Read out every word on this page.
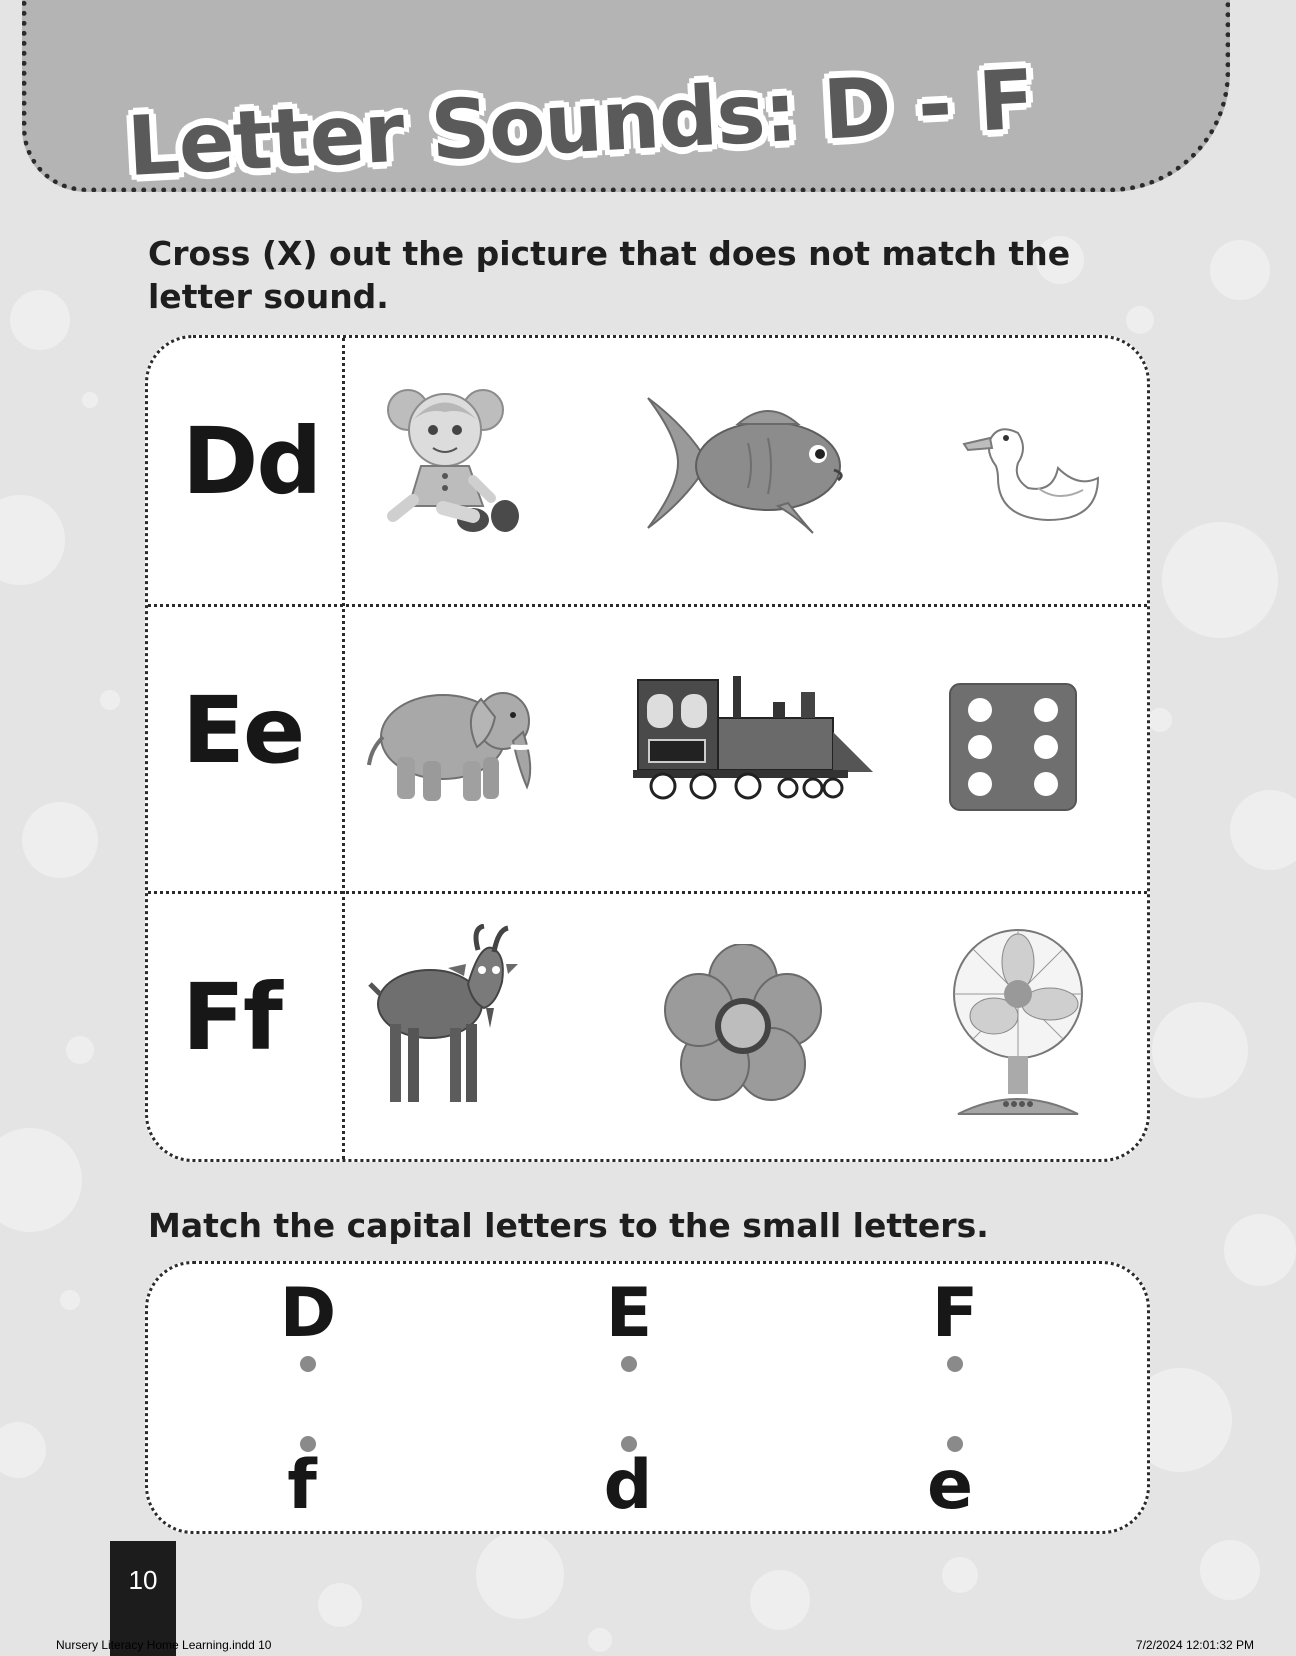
Letter Sounds: D - F
Cross (X) out the picture that does not match the letter sound.
Dd
Ee
Ff
Match the capital letters to the small letters.
D	E	F
f	d	e
10
Nursery Literacy Home Learning.indd 10	7/2/2024 12:01:32 PM
